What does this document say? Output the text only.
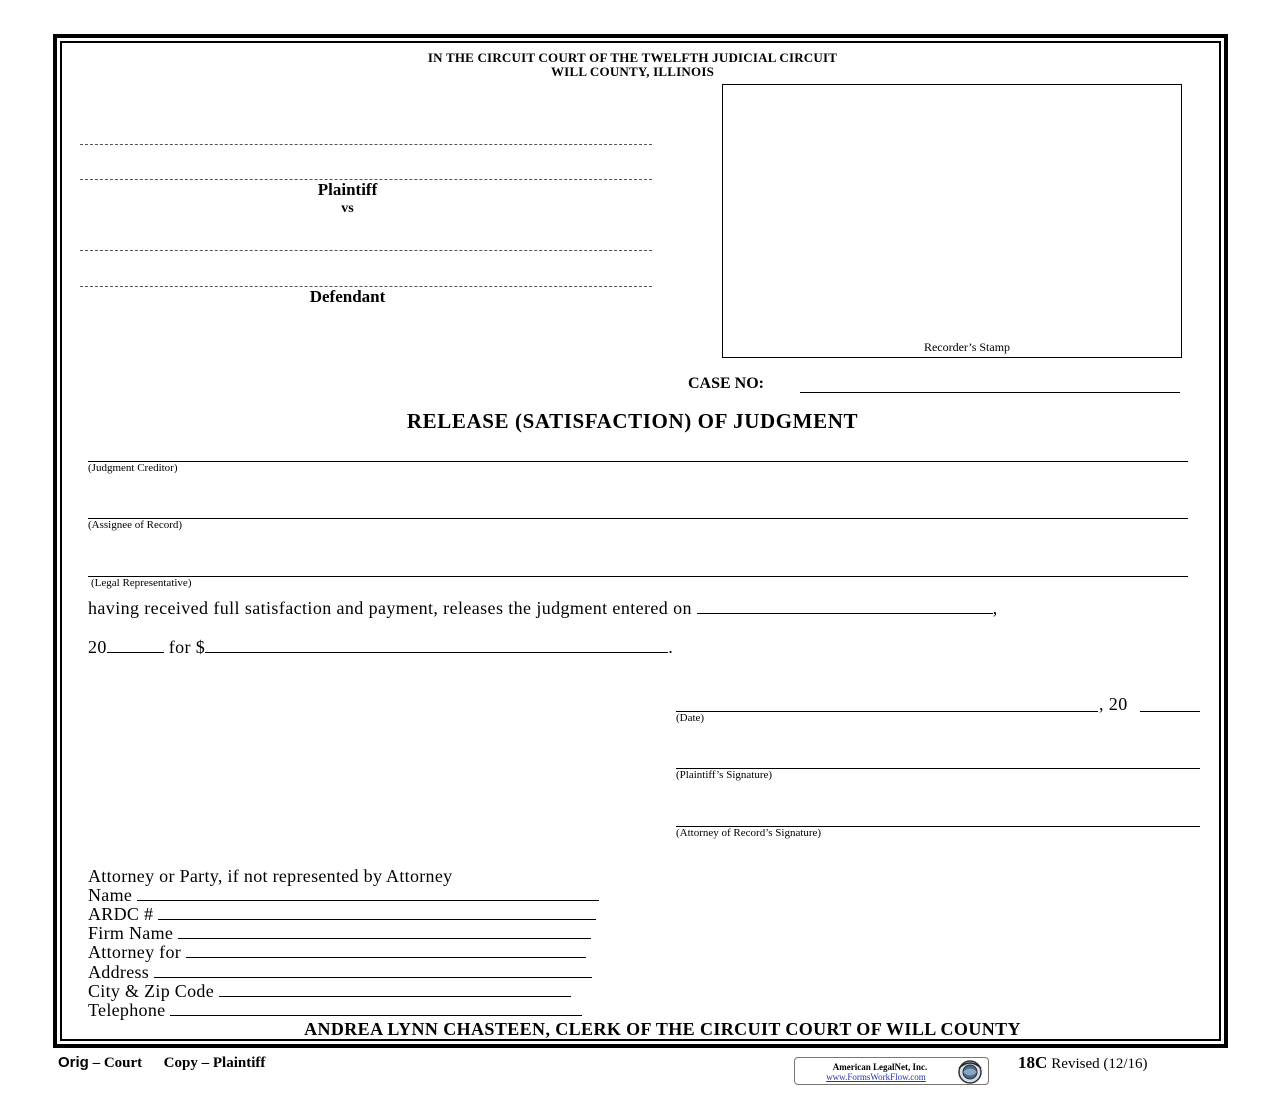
IN THE CIRCUIT COURT OF THE TWELFTH JUDICIAL CIRCUIT
WILL COUNTY, ILLINOIS
Plaintiff
vs
Defendant
Recorder’s Stamp
CASE NO:
RELEASE (SATISFACTION) OF JUDGMENT
(Judgment Creditor)
(Assignee of Record)
(Legal Representative)
having received full satisfaction and payment, releases the judgment entered on	,
20	for $	.
, 20
(Date)
(Plaintiff’s Signature)
(Attorney of Record’s Signature)
Attorney or Party, if not represented by Attorney
Name
ARDC #
Firm Name
Attorney for
Address
City & Zip Code
Telephone
ANDREA LYNN CHASTEEN, CLERK OF THE CIRCUIT COURT OF WILL COUNTY
Orig – Court Copy – Plaintiff	American LegalNet, Inc.
www.FormsWorkFlow.com
18C Revised (12/16)
